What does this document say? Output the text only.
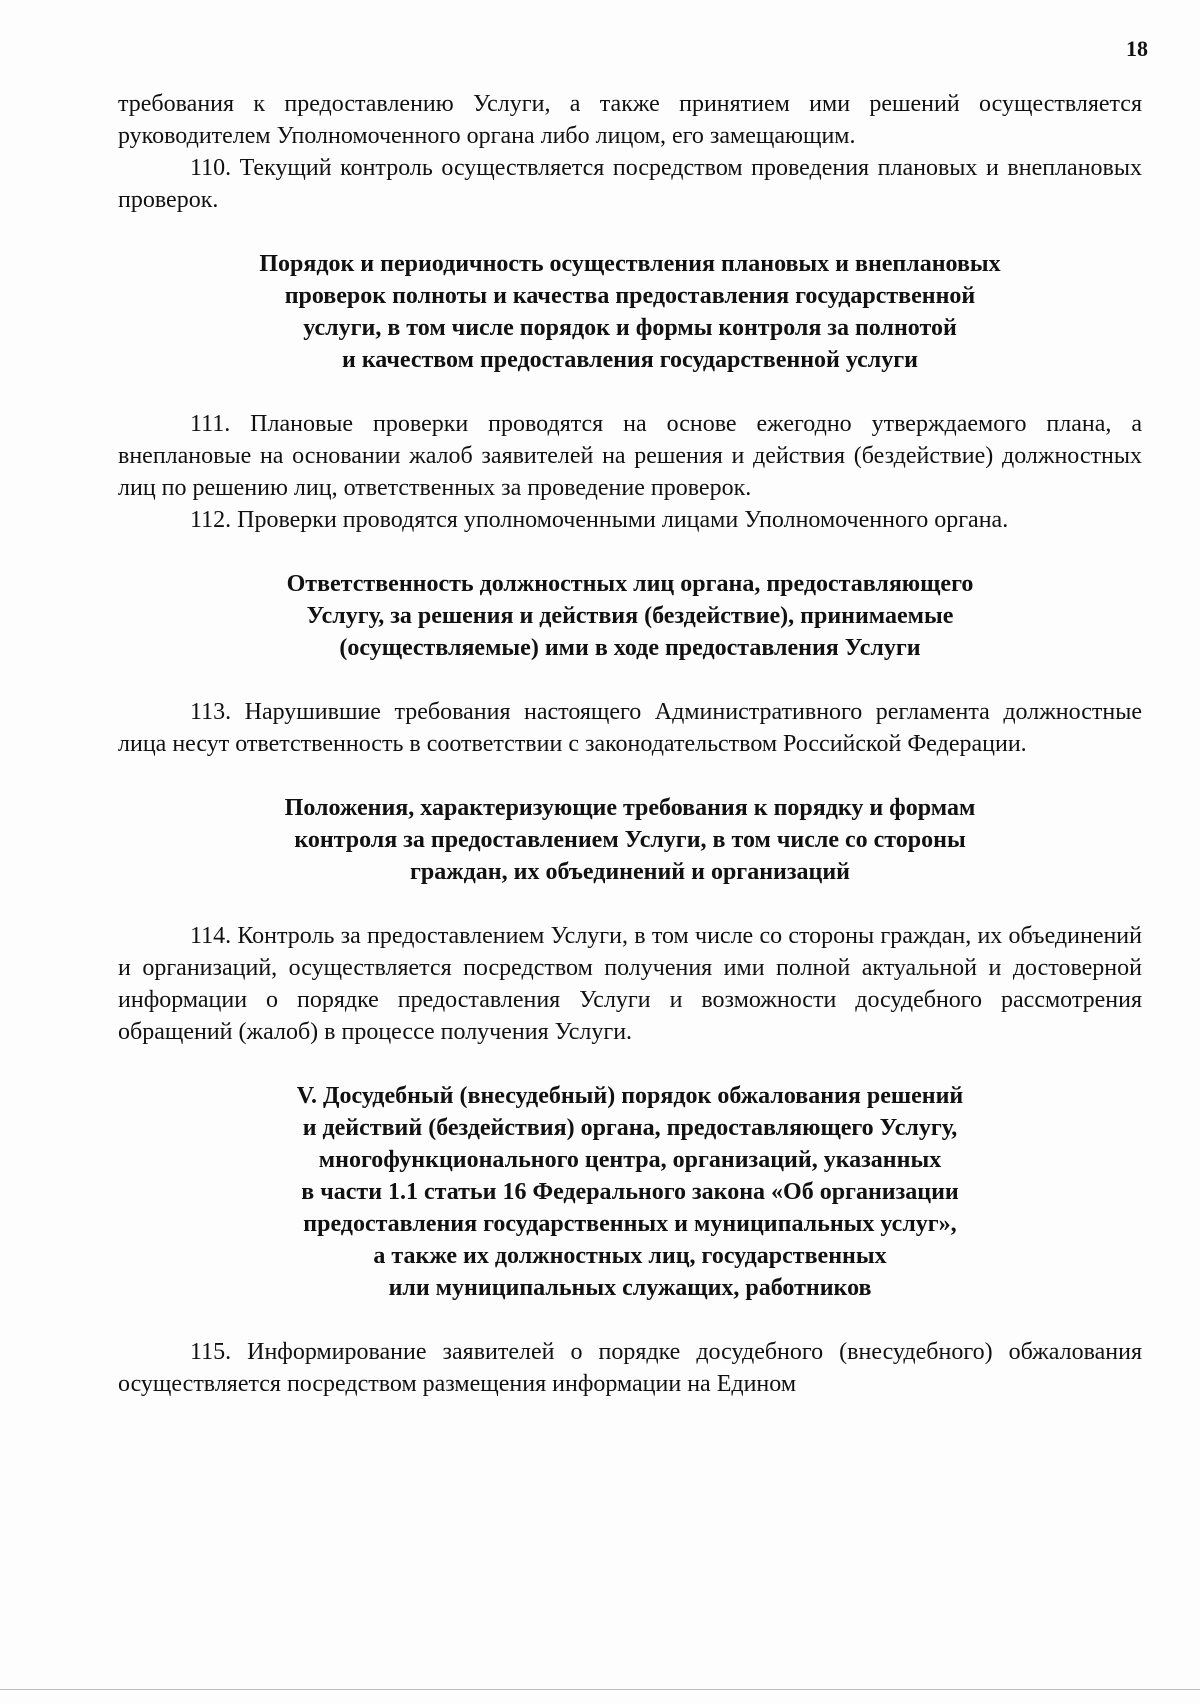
18

требования к предоставлению Услуги, а также принятием ими решений осуществляется руководителем Уполномоченного органа либо лицом, его замещающим.

110. Текущий контроль осуществляется посредством проведения плановых и внеплановых проверок.

Порядок и периодичность осуществления плановых и внеплановых
проверок полноты и качества предоставления государственной
услуги, в том числе порядок и формы контроля за полнотой
и качеством предоставления государственной услуги

111. Плановые проверки проводятся на основе ежегодно утверждаемого плана, а внеплановые на основании жалоб заявителей на решения и действия (бездействие) должностных лиц по решению лиц, ответственных за проведение проверок.

112. Проверки проводятся уполномоченными лицами Уполномоченного органа.

Ответственность должностных лиц органа, предоставляющего
Услугу, за решения и действия (бездействие), принимаемые
(осуществляемые) ими в ходе предоставления Услуги

113. Нарушившие требования настоящего Административного регламента должностные лица несут ответственность в соответствии с законодательством Российской Федерации.

Положения, характеризующие требования к порядку и формам
контроля за предоставлением Услуги, в том числе со стороны
граждан, их объединений и организаций

114. Контроль за предоставлением Услуги, в том числе со стороны граждан, их объединений и организаций, осуществляется посредством получения ими полной актуальной и достоверной информации о порядке предоставления Услуги и возможности досудебного рассмотрения обращений (жалоб) в процессе получения Услуги.

V. Досудебный (внесудебный) порядок обжалования решений
и действий (бездействия) органа, предоставляющего Услугу,
многофункционального центра, организаций, указанных
в части 1.1 статьи 16 Федерального закона «Об организации
предоставления государственных и муниципальных услуг»,
а также их должностных лиц, государственных
или муниципальных служащих, работников

115. Информирование заявителей о порядке досудебного (внесудебного) обжалования осуществляется посредством размещения информации на Едином
